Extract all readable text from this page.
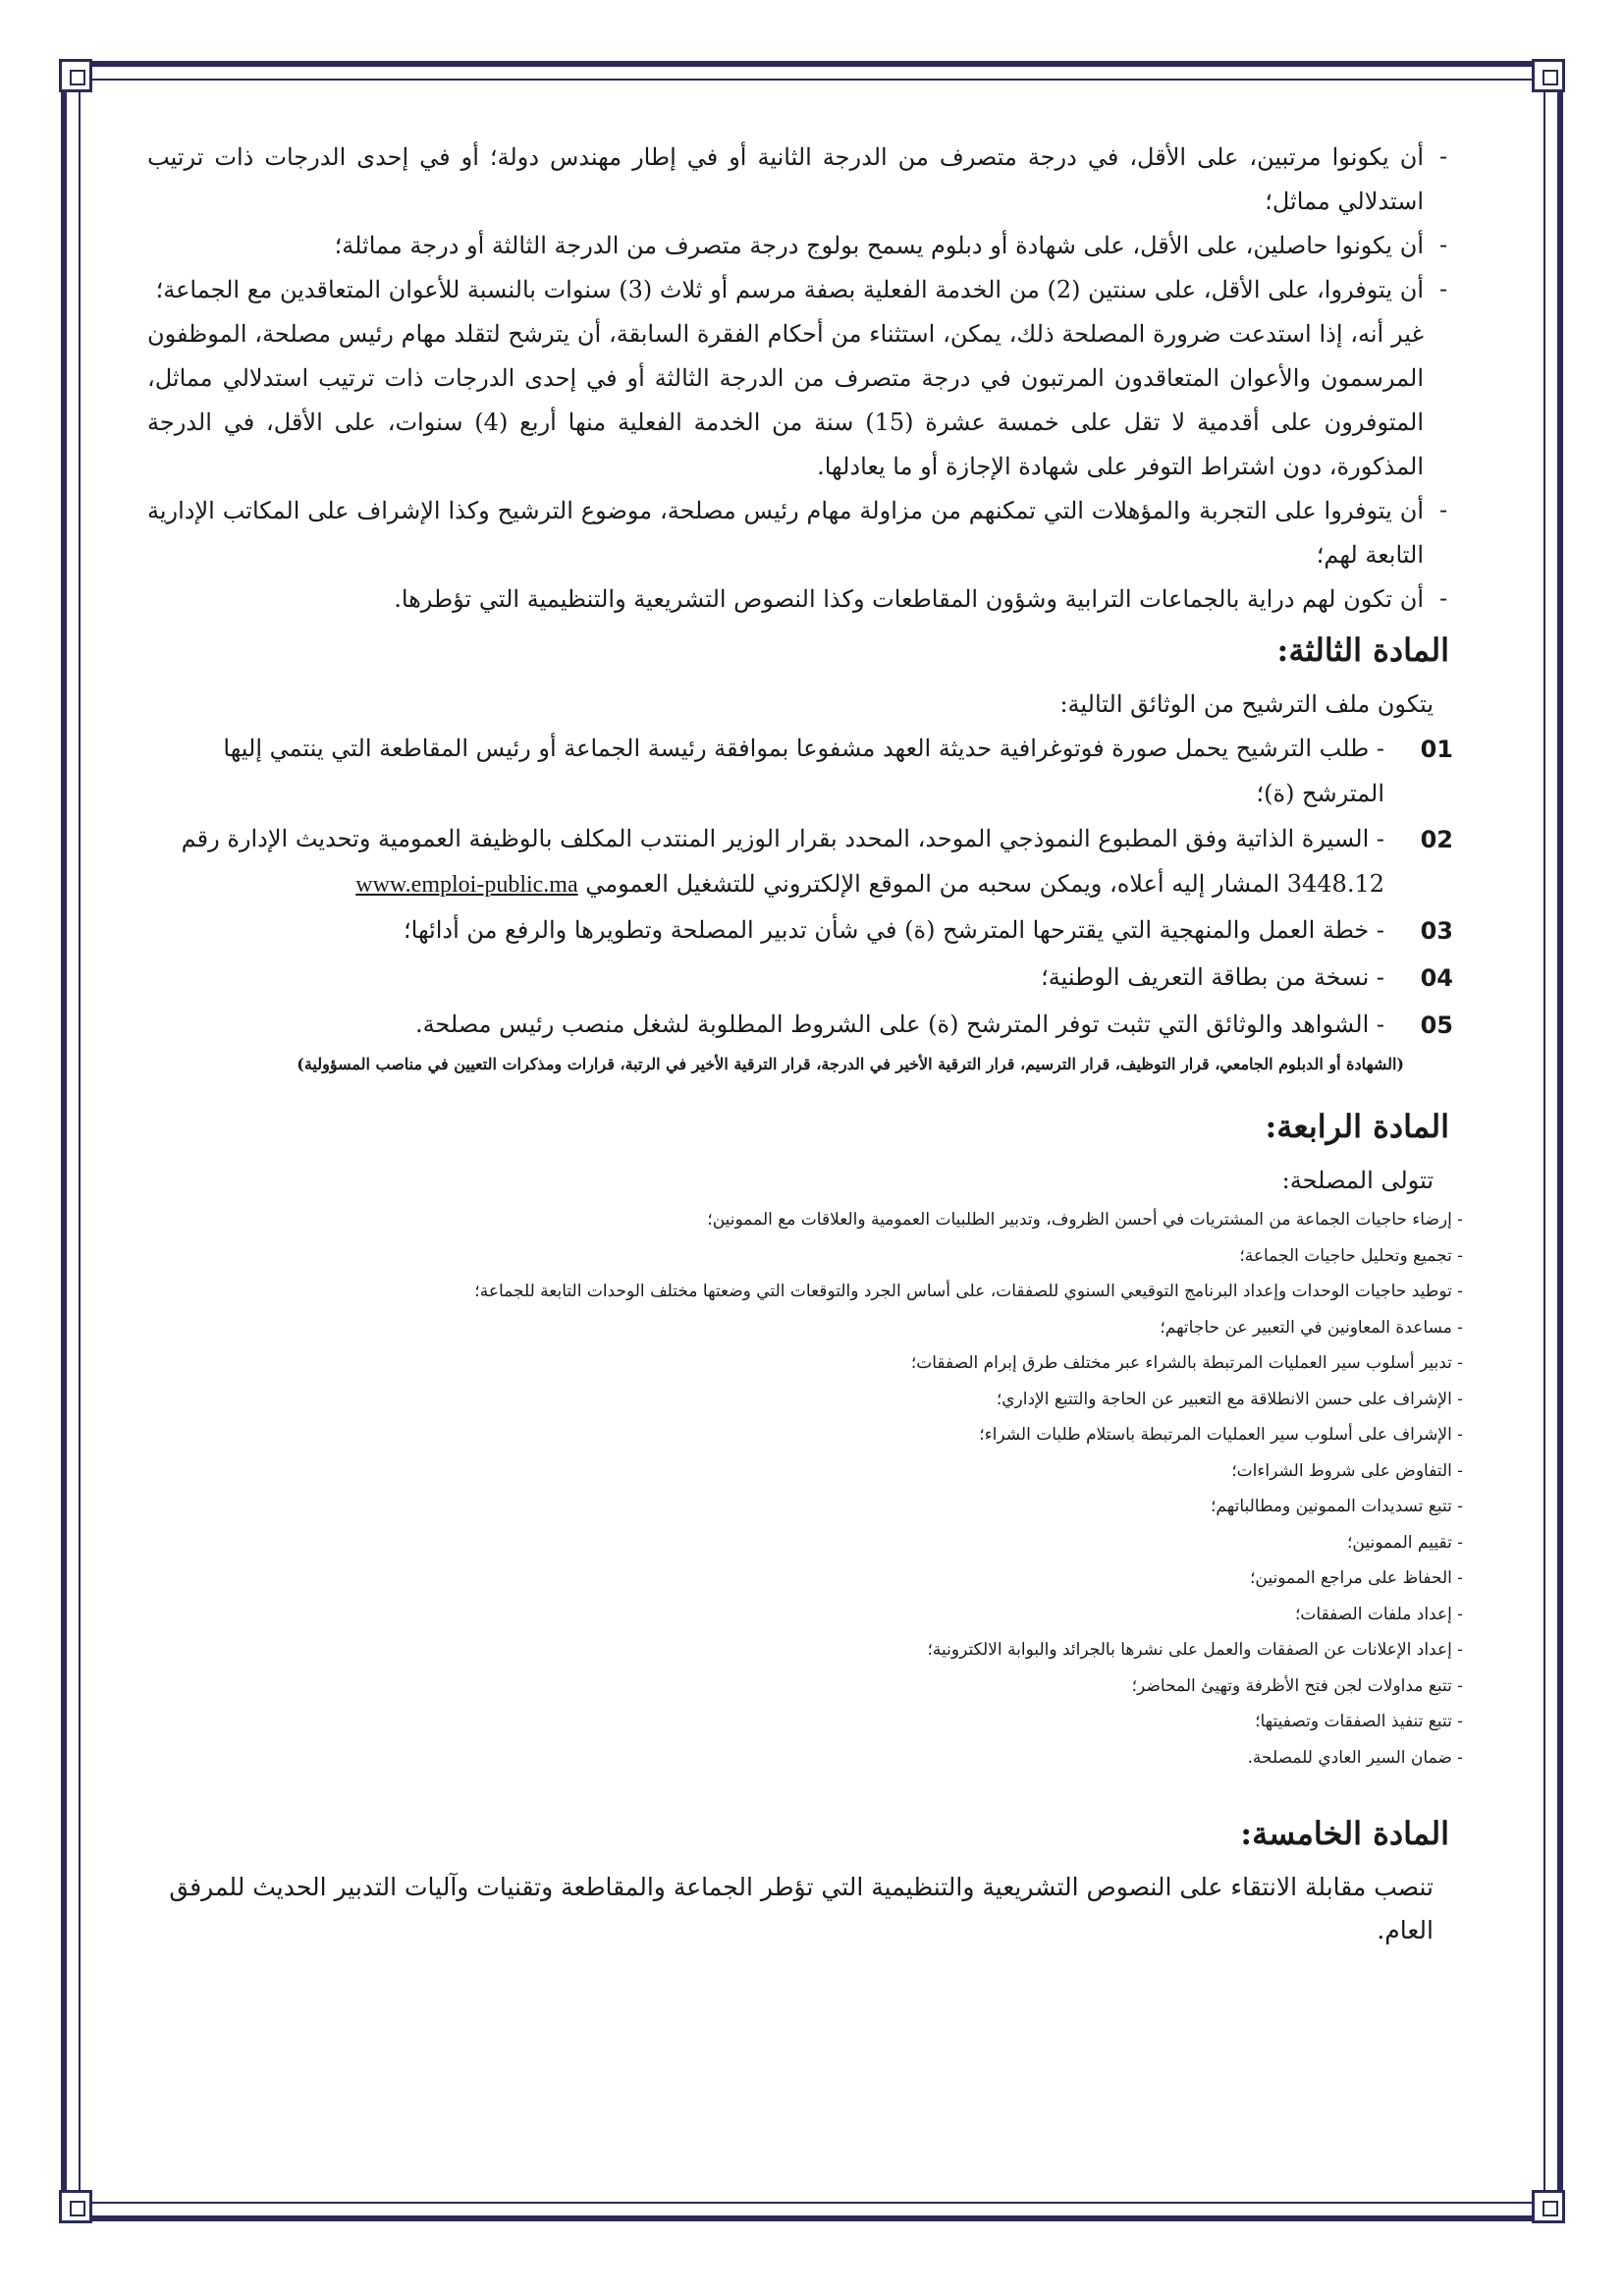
-
أن يكونوا مرتبين، على الأقل، في درجة متصرف من الدرجة الثانية أو في إطار مهندس دولة؛ أو في إحدى الدرجات ذات ترتيب استدلالي مماثل؛
-
أن يكونوا حاصلين، على الأقل، على شهادة أو دبلوم يسمح بولوج درجة متصرف من الدرجة الثالثة أو درجة مماثلة؛
-
أن يتوفروا، على الأقل، على سنتين (2) من الخدمة الفعلية بصفة مرسم أو ثلاث (3) سنوات بالنسبة للأعوان المتعاقدين مع الجماعة؛
غير أنه، إذا استدعت ضرورة المصلحة ذلك، يمكن، استثناء من أحكام الفقرة السابقة، أن يترشح لتقلد مهام رئيس مصلحة، الموظفون المرسمون والأعوان المتعاقدون المرتبون في درجة متصرف من الدرجة الثالثة أو في إحدى الدرجات ذات ترتيب استدلالي مماثل، المتوفرون على أقدمية لا تقل على خمسة عشرة (15) سنة من الخدمة الفعلية منها أربع (4) سنوات، على الأقل، في الدرجة المذكورة، دون اشتراط التوفر على شهادة الإجازة أو ما يعادلها.
-
أن يتوفروا على التجربة والمؤهلات التي تمكنهم من مزاولة مهام رئيس مصلحة، موضوع الترشيح وكذا الإشراف على المكاتب الإدارية التابعة لهم؛
-
أن تكون لهم دراية بالجماعات الترابية وشؤون المقاطعات وكذا النصوص التشريعية والتنظيمية التي تؤطرها.
المادة الثالثة:
يتكون ملف الترشيح من الوثائق التالية:
01
- طلب الترشيح يحمل صورة فوتوغرافية حديثة العهد مشفوعا بموافقة رئيسة الجماعة أو رئيس المقاطعة التي ينتمي إليها المترشح (ة)؛
02
- السيرة الذاتية وفق المطبوع النموذجي الموحد، المحدد بقرار الوزير المنتدب المكلف بالوظيفة العمومية وتحديث الإدارة رقم 3448.12 المشار إليه أعلاه، ويمكن سحبه من الموقع الإلكتروني للتشغيل العمومي www.emploi-public.ma
03
- خطة العمل والمنهجية التي يقترحها المترشح (ة) في شأن تدبير المصلحة وتطويرها والرفع من أدائها؛
04
- نسخة من بطاقة التعريف الوطنية؛
05
- الشواهد والوثائق التي تثبت توفر المترشح (ة) على الشروط المطلوبة لشغل منصب رئيس مصلحة.
(الشهادة أو الدبلوم الجامعي، قرار التوظيف، قرار الترسيم، قرار الترقية الأخير في الدرجة، قرار الترقية الأخير في الرتبة، قرارات ومذكرات التعيين في مناصب المسؤولية)
المادة الرابعة:
تتولى المصلحة:
- إرضاء حاجيات الجماعة من المشتريات في أحسن الظروف، وتدبير الطلبيات العمومية والعلاقات مع الممونين؛
- تجميع وتحليل حاجيات الجماعة؛
- توطيد حاجيات الوحدات وإعداد البرنامج التوقيعي السنوي للصفقات، على أساس الجرد والتوقعات التي وضعتها مختلف الوحدات التابعة للجماعة؛
- مساعدة المعاونين في التعبير عن حاجاتهم؛
- تدبير أسلوب سير العمليات المرتبطة بالشراء عبر مختلف طرق إبرام الصفقات؛
- الإشراف على حسن الانطلاقة مع التعبير عن الحاجة والتتبع الإداري؛
- الإشراف على أسلوب سير العمليات المرتبطة باستلام طلبات الشراء؛
- التفاوض على شروط الشراءات؛
- تتبع تسديدات الممونين ومطالباتهم؛
- تقييم الممونين؛
- الحفاظ على مراجع الممونين؛
- إعداد ملفات الصفقات؛
- إعداد الإعلانات عن الصفقات والعمل على نشرها بالجرائد والبوابة الالكترونية؛
- تتبع مداولات لجن فتح الأظرفة وتهيئ المحاضر؛
- تتبع تنفيذ الصفقات وتصفيتها؛
- ضمان السير العادي للمصلحة.
المادة الخامسة:
تنصب مقابلة الانتقاء على النصوص التشريعية والتنظيمية التي تؤطر الجماعة والمقاطعة وتقنيات وآليات التدبير الحديث للمرفق العام.
